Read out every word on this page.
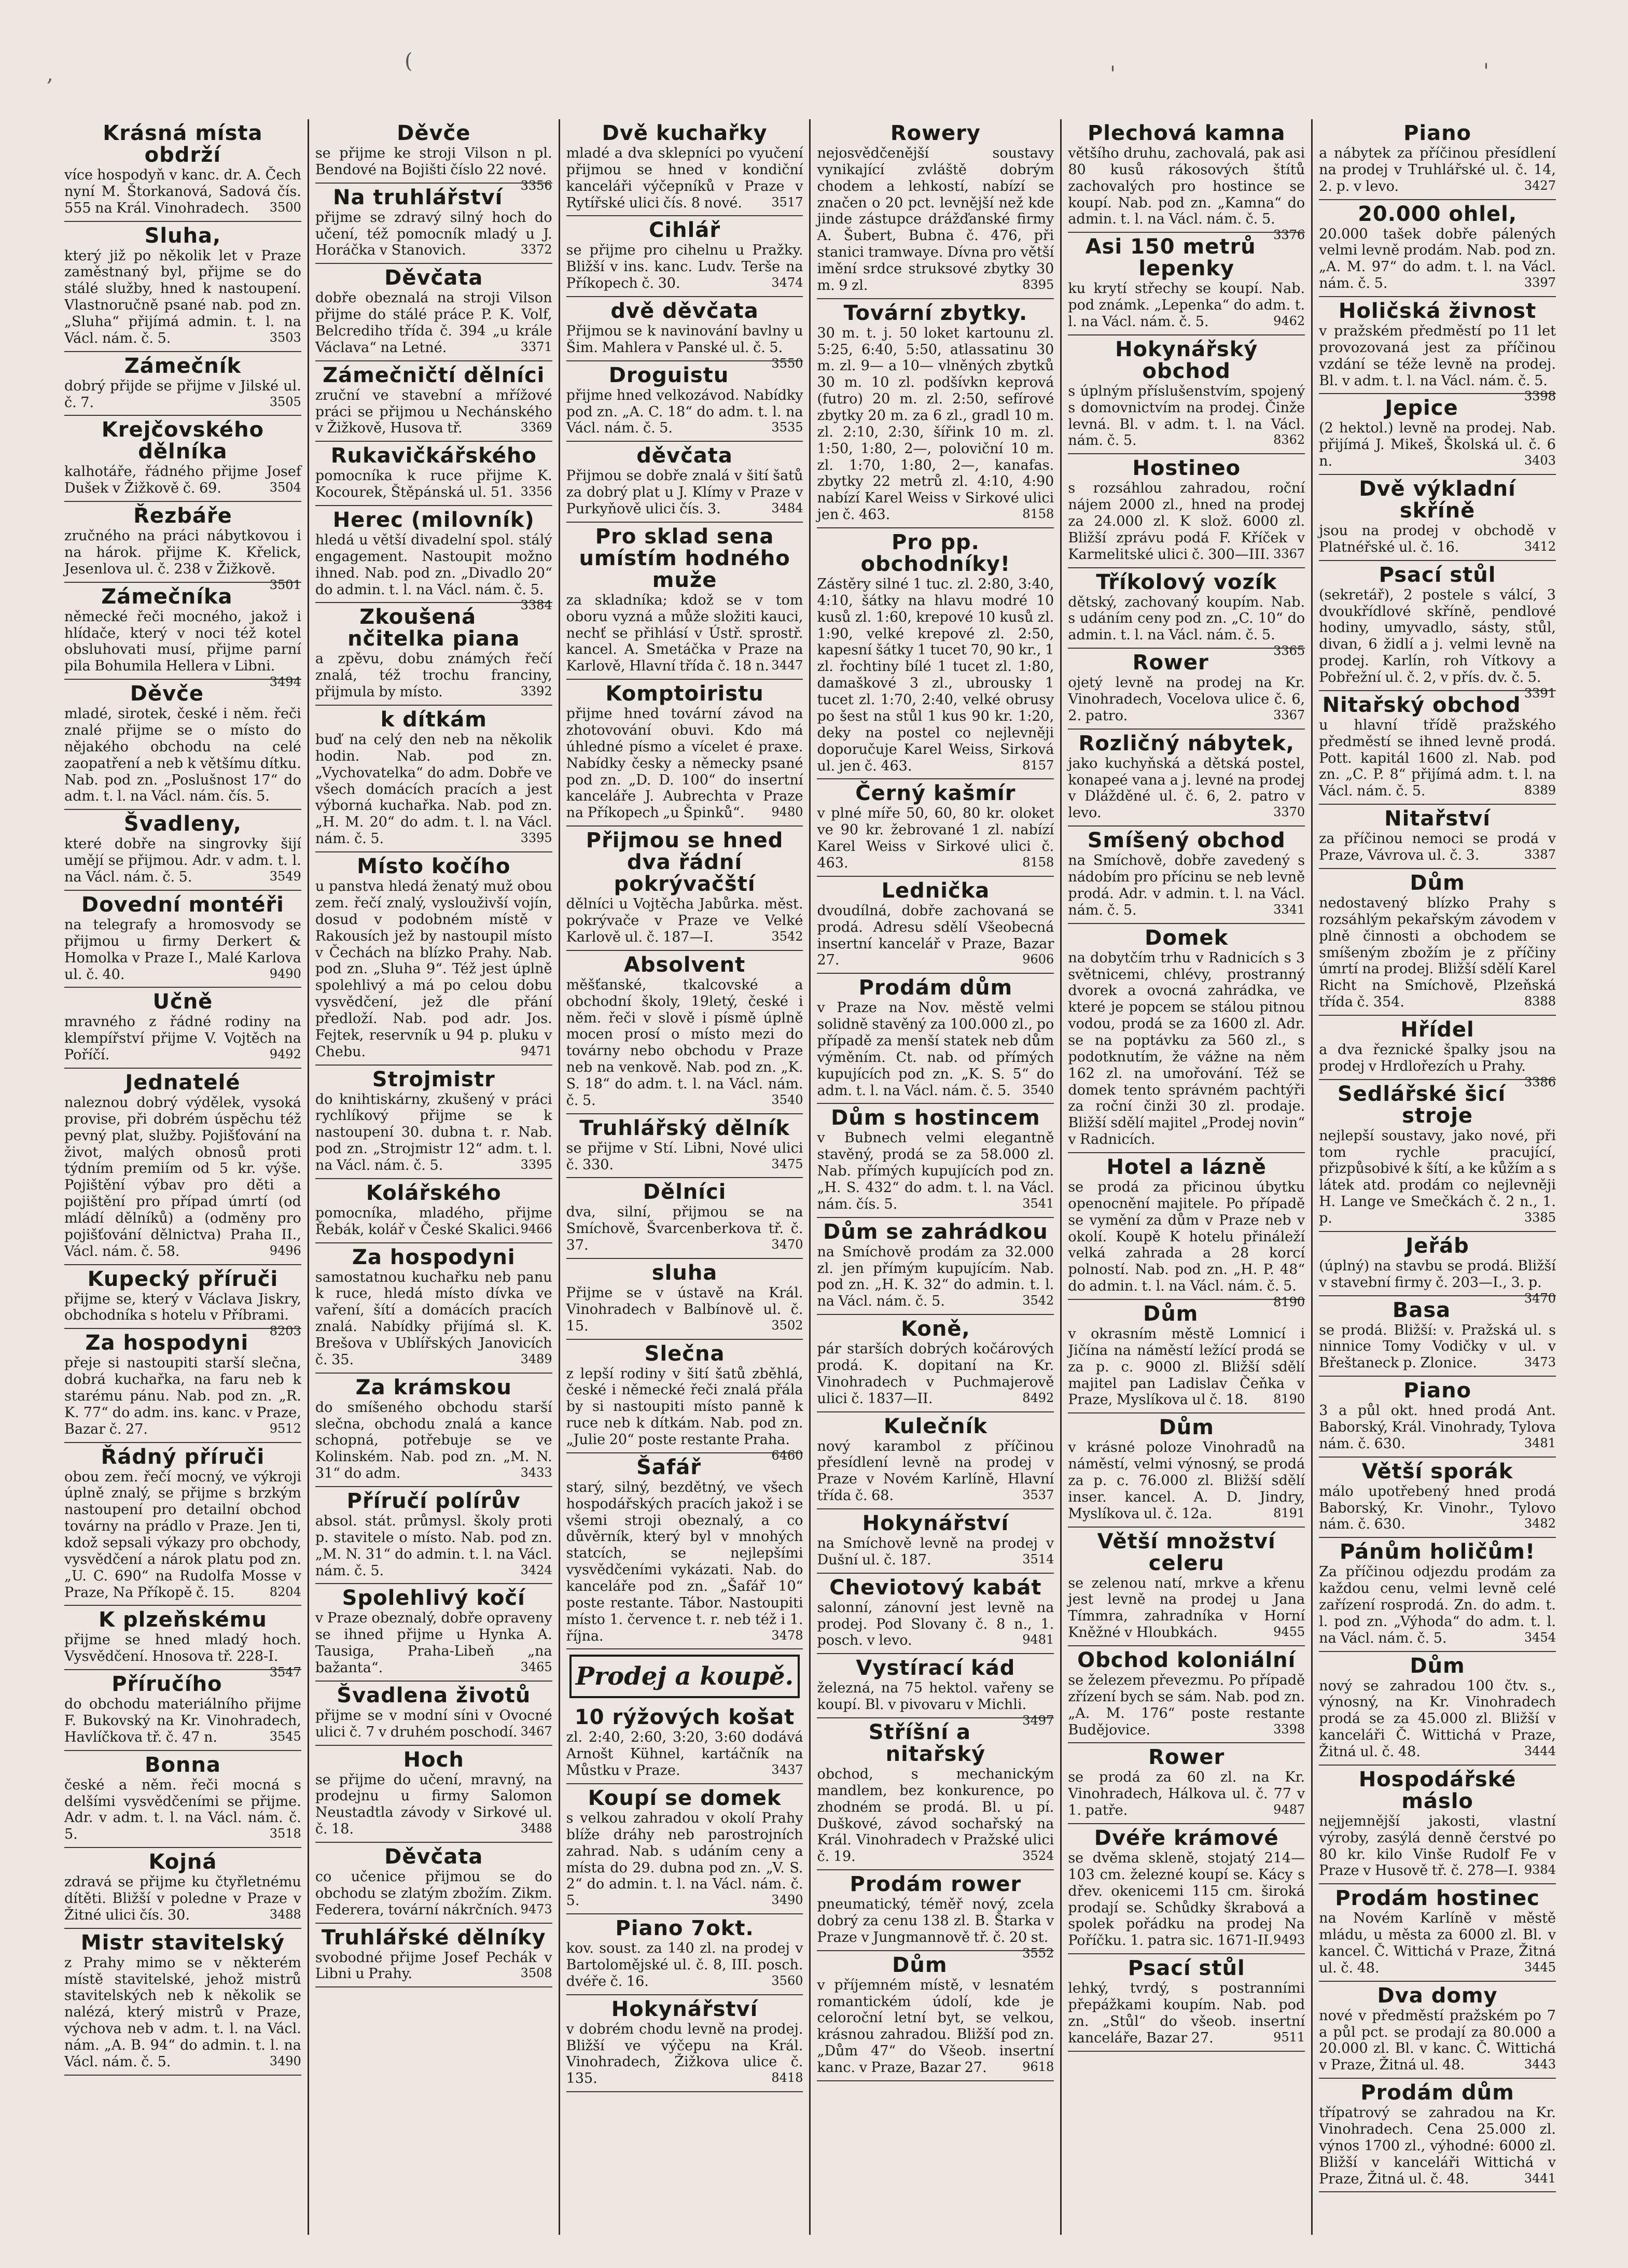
,
(
'	'
Krásná místa obdrží

více hospodyň v kanc. dr. A. Čech nyní M. Štorkanová, Sadová čís. 555 na Král. Vinohradech. 3500

Sluha,

který již po několik let v Praze zaměstnaný byl, přijme se do stálé služby, hned k nastoupení. Vlastnoručně psané nab. pod zn. „Sluha“ přijímá admin. t. l. na Václ. nám. č. 5.	3503

Zámečník

dobrý přijde se přijme v Jilské ul. č. 7.	3505

Krejčovského dělníka

kalhotáře, řádného přijme Josef Dušek v Žižkově č. 69.	3504

Řezbáře

zručného na práci nábytkovou i na hárok. přijme K. Křelick, Jesenlova ul. č. 238 v Žižkově.
3501

Zámečníka

německé řeči mocného, jakož i hlídače, který v noci též kotel obsluhovati musí, přijme parní pila Bohumila Hellera v Libni.
3494

Děvče

mladé, sirotek, české i něm. řeči znalé přijme se o místo do nějakého obchodu na celé zaopatření a neb k většímu dítku. Nab. pod zn. „Poslušnost 17“ do adm. t. l. na Václ. nám. čís. 5.

Švadleny,

které dobře na singrovky šijí umějí se přijmou. Adr. v adm. t. l. na Václ. nám. č. 5.	3549

Dovední montéři

na telegrafy a hromosvody se přijmou u firmy Derkert & Homolka v Praze I., Malé Karlova ul. č. 40.	9490

Učně

mravného z řádné rodiny na klempířství přijme V. Vojtěch na Poříčí.	9492

Jednatelé

naleznou dobrý výdělek, vysoká provise, při dobrém úspěchu též pevný plat, služby. Pojišťování na život, malých obnosů proti týdním premiím od 5 kr. výše. Pojištění výbav pro děti a pojištění pro případ úmrtí (od mládí dělníků) a (odměny pro pojišťování dělnictva) Praha II., Václ. nám. č. 58.	9496

Kupecký příruči

přijme se, který v Václava Jiskry, obchodníka s hotelu v Příbrami.
8203

Za hospodyni

přeje si nastoupiti starší slečna, dobrá kuchařka, na faru neb k starému pánu. Nab. pod zn. „R. K. 77“ do adm. ins. kanc. v Praze, Bazar č. 27.	9512

Řádný příruči

obou zem. řečí mocný, ve výkroji úplně znalý, se přijme s brzkým nastoupení pro detailní obchod továrny na prádlo v Praze. Jen ti, kdož sepsali výkazy pro obchody, vysvědčení a nárok platu pod zn. „U. C. 690“ na Rudolfa Mosse v Praze, Na Příkopě č. 15.	8204

K plzeňskému

přijme se hned mladý hoch. Vysvědčení. Hnosova tř. 228-I.
3547

Příručího

do obchodu materiálního přijme F. Bukovský na Kr. Vinohradech, Havlíčkova tř. č. 47 n.	3545

Bonna

české a něm. řeči mocná s delšími vysvědčeními se přijme. Adr. v adm. t. l. na Václ. nám. č. 5.	3518

Kojná

zdravá se přijme ku čtyřletnému dítěti. Bližší v poledne v Praze v Žitné ulici čís. 30.	3488

Mistr stavitelský

z Prahy mimo se v některém místě stavitelské, jehož mistrů stavitelských neb k několik se nalézá, který mistrů v Praze, výchova neb v adm. t. l. na Václ. nám. „A. B. 94“ do admin. t. l. na Václ. nám. č. 5.	3490

Děvče

se přijme ke stroji Vilson n pl. Bendové na Bojišti číslo 22 nové.
3356

Na truhlářství

přijme se zdravý silný hoch do učení, též pomocník mladý u J. Horáčka v Stanovich.	3372

Děvčata

dobře obeznalá na stroji Vilson přijme do stálé práce P. K. Volf, Belcrediho třída č. 394 „u krále Václava“ na Letné.	3371

Zámečničtí dělníci

zruční ve stavební a mřížové práci se přijmou u Nechánského v Žižkově, Husova tř.	3369

Rukavičkářského

pomocníka k ruce přijme K. Kocourek, Štěpánská ul. 51. 3356

Herec (milovník)

hledá u větší divadelní spol. stálý engagement. Nastoupit možno ihned. Nab. pod zn. „Divadlo 20“ do admin. t. l. na Václ. nám. č. 5.
3384

Zkoušená nčitelka piana

a zpěvu, dobu známých řečí znalá, též trochu franciny, přijmula by místo.	3392

k dítkám

buď na celý den neb na několik hodin. Nab. pod zn. „Vychovatelka“ do adm. Dobře ve všech domácích pracích a jest výborná kuchařka. Nab. pod zn. „H. M. 20“ do adm. t. l. na Václ. nám. č. 5.	3395

Místo kočího

u panstva hledá ženatý muž obou zem. řečí znalý, vyslouživší vojín, dosud v podobném místě v Rakousích jež by nastoupil místo v Čechách na blízko Prahy. Nab. pod zn. „Sluha 9“. Též jest úplně spolehlivý a má po celou dobu vysvědčení, jež dle přání předloží. Nab. pod adr. Jos. Fejtek, reservník u 94 p. pluku v Chebu.	9471

Strojmistr

do knihtiskárny, zkušený v práci rychlíkový přijme se k nastoupení 30. dubna t. r. Nab. pod zn. „Strojmistr 12“ adm. t. l. na Václ. nám. č. 5.	3395

Kolářského

pomocníka, mladého, přijme Řebák, kolář v České Skalici. 9466

Za hospodyni

samostatnou kuchařku neb panu k ruce, hledá místo dívka ve vaření, šítí a domácích pracích znalá. Nabídky přijímá sl. K. Brešova v Ublířských Janovicích č. 35.	3489

Za krámskou

do smíšeného obchodu starší slečna, obchodu znalá a kance schopná, potřebuje se ve Kolinském. Nab. pod zn. „M. N. 31“ do adm.	3433

Příručí polírův

absol. stát. průmysl. školy proti p. stavitele o místo. Nab. pod zn. „M. N. 31“ do admin. t. l. na Václ. nám. č. 5.	3424

Spolehlivý kočí

v Praze obeznalý, dobře opraveny se ihned přijme u Hynka A. Tausiga, Praha-Libeň „na bažanta“.	3465

Švadlena životů

přijme se v modní síni v Ovocné ulici č. 7 v druhém poschodí. 3467

Hoch

se přijme do učení, mravný, na prodejnu u firmy Salomon Neustadtla závody v Sirkové ul. č. 18.	3488

Děvčata

co učenice přijmou se do obchodu se zlatým zbožím. Zikm. Federera, tovární nákrčních. 9473

Truhlářské dělníky

svobodné přijme Josef Pechák v Libni u Prahy.	3508

Dvě kuchařky

mladé a dva sklepníci po vyučení přijmou se hned v kondiční kanceláři výčepníků v Praze v Rytířské ulici čís. 8 nové. 3517

Cihlář

se přijme pro cihelnu u Pražky. Bližší v ins. kanc. Ludv. Terše na Příkopech č. 30.	3474

dvě děvčata

Přijmou se k navinování bavlny u Šim. Mahlera v Panské ul. č. 5.
3550

Droguistu

přijme hned velkozávod. Nabídky pod zn. „A. C. 18“ do adm. t. l. na Václ. nám. č. 5.	3535

děvčata

Přijmou se dobře znalá v šití šatů za dobrý plat u J. Klímy v Praze v Purkyňově ulici čís. 3.	3484

Pro sklad sena umístím hodného muže

za skladníka; kdož se v tom oboru vyzná a může složiti kauci, nechť se přihlásí v Ústř. sprostř. kancel. A. Smetáčka v Praze na Karlově, Hlavní třída č. 18 n. 3447

Komptoiristu

přijme hned tovární závod na zhotovování obuvi. Kdo má úhledné písmo a vícelet é praxe. Nabídky česky a německy psané pod zn. „D. D. 100“ do insertní kanceláře J. Aubrechta v Praze na Příkopech „u Špinků“. 9480

Přijmou se hned dva řádní pokrývačští

dělníci u Vojtěcha Jabůrka. měst. pokrývače v Praze ve Velké Karlově ul. č. 187—I.	3542

Absolvent

měšťanské, tkalcovské a obchodní školy, 19letý, české i něm. řeči v slově i písmě úplně mocen prosí o místo mezi do továrny nebo obchodu v Praze neb na venkově. Nab. pod zn. „K. S. 18“ do adm. t. l. na Václ. nám. č. 5.	3540

Truhlářský dělník

se přijme v Stí. Libni, Nové ulici č. 330.	3475

Dělníci

dva, silní, přijmou se na Smíchově, Švarcenberkova tř. č. 37.	3470

sluha

Přijme se v ústavě na Král. Vinohradech v Balbínově ul. č. 15.	3502

Slečna

z lepší rodiny v šití šatů zběhlá, české i německé řeči znalá přála by si nastoupiti místo panně k ruce neb k dítkám. Nab. pod zn. „Julie 20“ poste restante Praha.
6460

Šafář

starý, silný, bezdětný, ve všech hospodářských pracích jakož i se všemi stroji obeznalý, a co důvěrník, který byl v mnohých statcích, se nejlepšími vysvědčeními vykázati. Nab. do kanceláře pod zn. „Šafář 10“ poste restante. Tábor. Nastoupiti místo 1. července t. r. neb též i 1. října.	3478

Prodej a koupě.
10 rýžových košat

zl. 2:40, 2:60, 3:20, 3:60 dodává Arnošt Kühnel, kartáčník na Můstku v Praze.	3437

Koupí se domek

s velkou zahradou v okolí Prahy blíže dráhy neb parostrojních zahrad. Nab. s udáním ceny a místa do 29. dubna pod zn. „V. S. 2“ do admin. t. l. na Václ. nám. č. 5.	3490

Piano 7okt.

kov. soust. za 140 zl. na prodej v Bartolomějské ul. č. 8, III. posch. dvéře č. 16.	3560

Hokynářství

v dobrém chodu levně na prodej. Bližší ve výčepu na Král. Vinohradech, Žižkova ulice č. 135.	8418

Rowery

nejosvědčenější soustavy vynikající zvláště dobrým chodem a lehkostí, nabízí se značen o 20 pct. levnější než kde jinde zástupce drážďanské firmy A. Šubert, Bubna č. 476, při stanici tramwaye. Dívna pro větší imění srdce struksové zbytky 30 m. 9 zl.	8395

Tovární zbytky.

30 m. t. j. 50 loket kartounu zl. 5:25, 6:40, 5:50, atlassatinu 30 m. zl. 9— a 10— vlněných zbytků 30 m. 10 zl. podšívkn keprová (futro) 20 m. zl. 2:50, sefírové zbytky 20 m. za 6 zl., gradl 10 m. zl. 2:10, 2:30, šířink 10 m. zl. 1:50, 1:80, 2—, poloviční 10 m. zl. 1:70, 1:80, 2—, kanafas. zbytky 22 metrů zl. 4:10, 4:90 nabízí Karel Weiss v Sirkové ulici jen č. 463.	8158

Pro pp. obchodníky!

Zástěry silné 1 tuc. zl. 2:80, 3:40, 4:10, šátky na hlavu modré 10 kusů zl. 1:60, krepové 10 kusů zl. 1:90, velké krepové zl. 2:50, kapesní šátky 1 tucet 70, 90 kr., 1 zl. řochtiny bílé 1 tucet zl. 1:80, damaškové 3 zl., ubrousky 1 tucet zl. 1:70, 2:40, velké obrusy po šest na stůl 1 kus 90 kr. 1:20, deky na postel co nejlevněji doporučuje Karel Weiss, Sirková ul. jen č. 463.	8157

Černý kašmír

v plné míře 50, 60, 80 kr. oloket ve 90 kr. žebrované 1 zl. nabízí Karel Weiss v Sirkové ulici č. 463.	8158

Lednička

dvoudílná, dobře zachovaná se prodá. Adresu sdělí Všeobecná insertní kancelář v Praze, Bazar 27.	9606

Prodám dům

v Praze na Nov. městě velmi solidně stavěný za 100.000 zl., po případě za menší statek neb dům výměním. Ct. nab. od přímých kupujících pod zn. „K. S. 5“ do adm. t. l. na Václ. nám. č. 5. 3540

Dům s hostincem

v Bubnech velmi elegantně stavěný, prodá se za 58.000 zl. Nab. přímých kupujících pod zn. „H. S. 432“ do adm. t. l. na Václ. nám. čís. 5.	3541

Dům se zahrádkou

na Smíchově prodám za 32.000 zl. jen přímým kupujícím. Nab. pod zn. „H. K. 32“ do admin. t. l. na Václ. nám. č. 5.	3542

Koně,

pár starších dobrých kočárových prodá. K. dopitaní na Kr. Vinohradech v Puchmajerově ulici č. 1837—II.	8492

Kulečník

nový karambol z příčinou přesídlení levně na prodej v Praze v Novém Karlíně, Hlavní třída č. 68.	3537

Hokynářství

na Smíchově levně na prodej v Dušní ul. č. 187.	3514

Cheviotový kabát

salonní, zánovní jest levně na prodej. Pod Slovany č. 8 n., 1. posch. v levo.	9481

Vystírací kád

železná, na 75 hektol. vařeny se koupí. Bl. v pivovaru v Michli.
3497

Stříšní a nitařský

obchod, s mechanickým mandlem, bez konkurence, po zhodném se prodá. Bl. u pí. Duškové, závod sochařský na Král. Vinohradech v Pražské ulici č. 19.	3524

Prodám rower

pneumatický, téměř nový, zcela dobrý za cenu 138 zl. B. Štarka v Praze v Jungmannově tř. č. 20 st.
3552

Dům

v příjemném místě, v lesnatém romantickém údolí, kde je celoroční letní byt, se velkou, krásnou zahradou. Bližší pod zn. „Dům 47“ do Všeob. insertní kanc. v Praze, Bazar 27.	9618

Plechová kamna

většího druhu, zachovalá, pak asi 80 kusů rákosových štítů zachovalých pro hostince se koupí. Nab. pod zn. „Kamna“ do admin. t. l. na Václ. nám. č. 5.
3376

Asi 150 metrů lepenky

ku krytí střechy se koupí. Nab. pod známk. „Lepenka“ do adm. t. l. na Václ. nám. č. 5.	9462

Hokynářský obchod

s úplným příslušenstvím, spojený s domovnictvím na prodej. Činže levná. Bl. v adm. t. l. na Václ. nám. č. 5.	8362

Hostineo

s rozsáhlou zahradou, roční nájem 2000 zl., hned na prodej za 24.000 zl. K slož. 6000 zl. Bližší zprávu podá F. Kříček v Karmelitské ulici č. 300—III. 3367

Tříkolový vozík

dětský, zachovaný koupím. Nab. s udáním ceny pod zn. „C. 10“ do admin. t. l. na Václ. nám. č. 5.
3365

Rower

ojetý levně na prodej na Kr. Vinohradech, Vocelova ulice č. 6, 2. patro.	3367

Rozličný nábytek,

jako kuchyňská a dětská postel, konapeé vana a j. levné na prodej v Dlážděné ul. č. 6, 2. patro v levo.	3370

Smíšený obchod

na Smíchově, dobře zavedený s nádobím pro přícinu se neb levně prodá. Adr. v admin. t. l. na Václ. nám. č. 5.	3341

Domek

na dobytčím trhu v Radnicích s 3 světnicemi, chlévy, prostranný dvorek a ovocná zahrádka, ve které je popcem se stálou pitnou vodou, prodá se za 1600 zl. Adr. se na poptávku za 560 zl., s podotknutím, že vážne na něm 162 zl. na umořování. Též se domek tento správném pachtýři za roční činži 30 zl. prodaje. Bližší sdělí majitel „Prodej novin“ v Radnicích.

Hotel a lázně

se prodá za přicinou úbytku openocnění majitele. Po případě se vymění za dům v Praze neb v okolí. Koupě K hotelu přináleží velká zahrada a 28 korcí polností. Nab. pod zn. „H. P. 48“ do admin. t. l. na Václ. nám. č. 5.
8190

Dům

v okrasním městě Lomnicí i Jičína na náměstí ležící prodá se za p. c. 9000 zl. Bližší sdělí majitel pan Ladislav Čeňka v Praze, Myslíkova ul č. 18. 8190

Dům

v krásné poloze Vinohradů na náměstí, velmi výnosný, se prodá za p. c. 76.000 zl. Bližší sdělí inser. kancel. A. D. Jindry, Myslíkova ul. č. 12a.	8191

Větší množství celeru

se zelenou natí, mrkve a křenu jest levně na prodej u Jana Tímmra, zahradníka v Horní Kněžné v Hloubkách.	9455

Obchod koloniální

se železem převezmu. Po případě zřízení bych se sám. Nab. pod zn. „A. M. 176“ poste restante Budějovice.	3398

Rower

se prodá za 60 zl. na Kr. Vinohradech, Hálkova ul. č. 77 v 1. patře.	9487

Dvéře krámové

se dvěma skleně, stojatý 214—103 cm. železné koupí se. Kácy s dřev. okenicemi 115 cm. široká prodají se. Schůdky škrabová a spolek pořádku na prodej Na Poříčku. 1. patra sic. 1671-II. 9493

Psací stůl

lehký, tvrdý, s postranními přepážkami koupím. Nab. pod zn. „Stůl“ do všeob. insertní kanceláře, Bazar 27.	9511

Piano

a nábytek za příčinou přesídlení na prodej v Truhlářské ul. č. 14, 2. p. v levo.	3427

20.000 ohlel,

20.000 tašek dobře pálených velmi levně prodám. Nab. pod zn. „A. M. 97“ do adm. t. l. na Václ. nám. č. 5.	3397

Holičská živnost

v pražském předměstí po 11 let provozovaná jest za příčinou vzdání se téže levně na prodej. Bl. v adm. t. l. na Václ. nám. č. 5.
3398

Jepice

(2 hektol.) levně na prodej. Nab. přijímá J. Mikeš, Školská ul. č. 6 n.	3403

Dvě výkladní skříně

jsou na prodej v obchodě v Platnéřské ul. č. 16.	3412

Psací stůl

(sekretář), 2 postele s válcí, 3 dvoukřídlové skříně, pendlové hodiny, umyvadlo, sásty, stůl, divan, 6 židlí a j. velmi levně na prodej. Karlín, roh Vítkovy a Pobřežní ul. č. 2, v přís. dv. č. 5.
3391

Nitařský obchod

u hlavní třídě pražského předměstí se ihned levně prodá. Pott. kapitál 1600 zl. Nab. pod zn. „C. P. 8“ přijímá adm. t. l. na Václ. nám. č. 5.	8389

Nitařství

za příčinou nemoci se prodá v Praze, Vávrova ul. č. 3.	3387

Dům

nedostavený blízko Prahy s rozsáhlým pekařským závodem v plně činnosti a obchodem se smíšeným zbožím je z příčiny úmrtí na prodej. Bližší sdělí Karel Richt na Smíchově, Plzeňská třída č. 354.	8388

Hřídel

a dva řeznické špalky jsou na prodej v Hrdlořezích u Prahy.
3386

Sedlářské šicí stroje

nejlepší soustavy, jako nové, při tom rychle pracující, přizpůsobivé k šítí, a ke kůžím a s látek atd. prodám co nejlevněji H. Lange ve Smečkách č. 2 n., 1. p.	3385

Jeřáb

(úplný) na stavbu se prodá. Bližší v stavební firmy č. 203—I., 3. p.
3470

Basa

se prodá. Bližší: v. Pražská ul. s ninnice Tomy Vodičky v ul. v Břeštaneck p. Zlonice.	3473

Piano

3 a půl okt. hned prodá Ant. Baborský, Král. Vinohrady, Tylova nám. č. 630.	3481

Větší sporák

málo upotřebený hned prodá Baborský, Kr. Vinohr., Tylovo nám. č. 630.	3482

Pánům holičům!

Za příčinou odjezdu prodám za každou cenu, velmi levně celé zařízení rosprodá. Zn. do adm. t. l. pod zn. „Výhoda“ do adm. t. l. na Václ. nám. č. 5.	3454

Dům

nový se zahradou 100 čtv. s., výnosný, na Kr. Vinohradech prodá se za 45.000 zl. Bližší v kanceláři Č. Wittichá v Praze, Žitná ul. č. 48.	3444

Hospodářské máslo

nejjemnější jakosti, vlastní výroby, zasýlá denně čerstvé po 80 kr. kilo Vinše Rudolf Fe v Praze v Husově tř. č. 278—I. 9384

Prodám hostinec

na Novém Karlíně v městě mládu, u města za 6000 zl. Bl. v kancel. Č. Wittichá v Praze, Žitná ul. č. 48.	3445

Dva domy

nové v předměstí pražském po 7 a půl pct. se prodají za 80.000 a 20.000 zl. Bl. v kanc. Č. Wittichá v Praze, Žitná ul. 48.	3443

Prodám dům

třípatrový se zahradou na Kr. Vinohradech. Cena 25.000 zl. výnos 1700 zl., výhodné: 6000 zl. Bližší v kanceláři Wittichá v Praze, Žitná ul. č. 48.	3441
